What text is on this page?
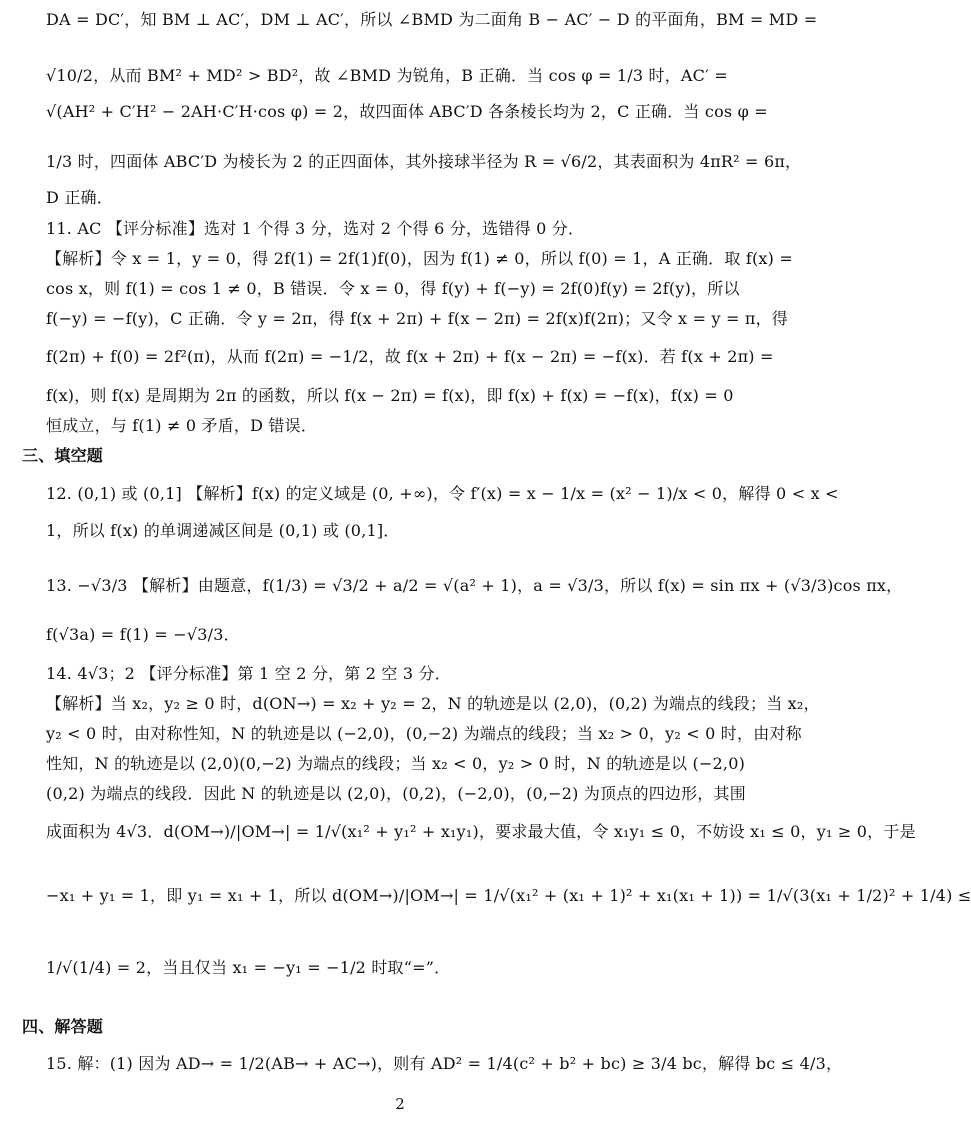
DA = DC′，知 BM ⊥ AC′，DM ⊥ AC′，所以 ∠BMD 为二面角 B − AC′ − D 的平面角，BM = MD =
√10/2，从而 BM² + MD² > BD²，故 ∠BMD 为锐角，B 正确．当 cos φ = 1/3 时，AC′ =
√(AH² + C′H² − 2AH·C′H·cos φ) = 2，故四面体 ABC′D 各条棱长均为 2，C 正确．当 cos φ =
1/3 时，四面体 ABC′D 为棱长为 2 的正四面体，其外接球半径为 R = √6/2，其表面积为 4πR² = 6π，
D 正确．
11. AC 【评分标准】选对 1 个得 3 分，选对 2 个得 6 分，选错得 0 分．
【解析】令 x = 1，y = 0，得 2f(1) = 2f(1)f(0)，因为 f(1) ≠ 0，所以 f(0) = 1，A 正确．取 f(x) =
cos x，则 f(1) = cos 1 ≠ 0，B 错误．令 x = 0，得 f(y) + f(−y) = 2f(0)f(y) = 2f(y)，所以
f(−y) = −f(y)，C 正确．令 y = 2π，得 f(x + 2π) + f(x − 2π) = 2f(x)f(2π)；又令 x = y = π，得
f(2π) + f(0) = 2f²(π)，从而 f(2π) = −1/2，故 f(x + 2π) + f(x − 2π) = −f(x)．若 f(x + 2π) =
f(x)，则 f(x) 是周期为 2π 的函数，所以 f(x − 2π) = f(x)，即 f(x) + f(x) = −f(x)，f(x) = 0
恒成立，与 f(1) ≠ 0 矛盾，D 错误．
三、填空题
12. (0,1) 或 (0,1] 【解析】f(x) 的定义域是 (0, +∞)，令 f′(x) = x − 1/x = (x² − 1)/x < 0，解得 0 < x <
1，所以 f(x) 的单调递减区间是 (0,1) 或 (0,1]．
13. −√3/3 【解析】由题意，f(1/3) = √3/2 + a/2 = √(a² + 1)，a = √3/3，所以 f(x) = sin πx + (√3/3)cos πx，
f(√3a) = f(1) = −√3/3．
14. 4√3；2 【评分标准】第 1 空 2 分，第 2 空 3 分．
【解析】当 x₂，y₂ ≥ 0 时，d(ON→) = x₂ + y₂ = 2，N 的轨迹是以 (2,0)，(0,2) 为端点的线段；当 x₂，
y₂ < 0 时，由对称性知，N 的轨迹是以 (−2,0)，(0,−2) 为端点的线段；当 x₂ > 0，y₂ < 0 时，由对称
性知，N 的轨迹是以 (2,0)(0,−2) 为端点的线段；当 x₂ < 0，y₂ > 0 时，N 的轨迹是以 (−2,0)
(0,2) 为端点的线段．因此 N 的轨迹是以 (2,0)，(0,2)，(−2,0)，(0,−2) 为顶点的四边形，其围
成面积为 4√3．d(OM→)/|OM→| = 1/√(x₁² + y₁² + x₁y₁)，要求最大值，令 x₁y₁ ≤ 0，不妨设 x₁ ≤ 0，y₁ ≥ 0，于是
−x₁ + y₁ = 1，即 y₁ = x₁ + 1，所以 d(OM→)/|OM→| = 1/√(x₁² + (x₁ + 1)² + x₁(x₁ + 1)) = 1/√(3(x₁ + 1/2)² + 1/4) ≤
1/√(1/4) = 2，当且仅当 x₁ = −y₁ = −1/2 时取“=”．
四、解答题
15. 解：(1) 因为 AD→ = 1/2(AB→ + AC→)，则有 AD² = 1/4(c² + b² + bc) ≥ 3/4 bc，解得 bc ≤ 4/3，
2
